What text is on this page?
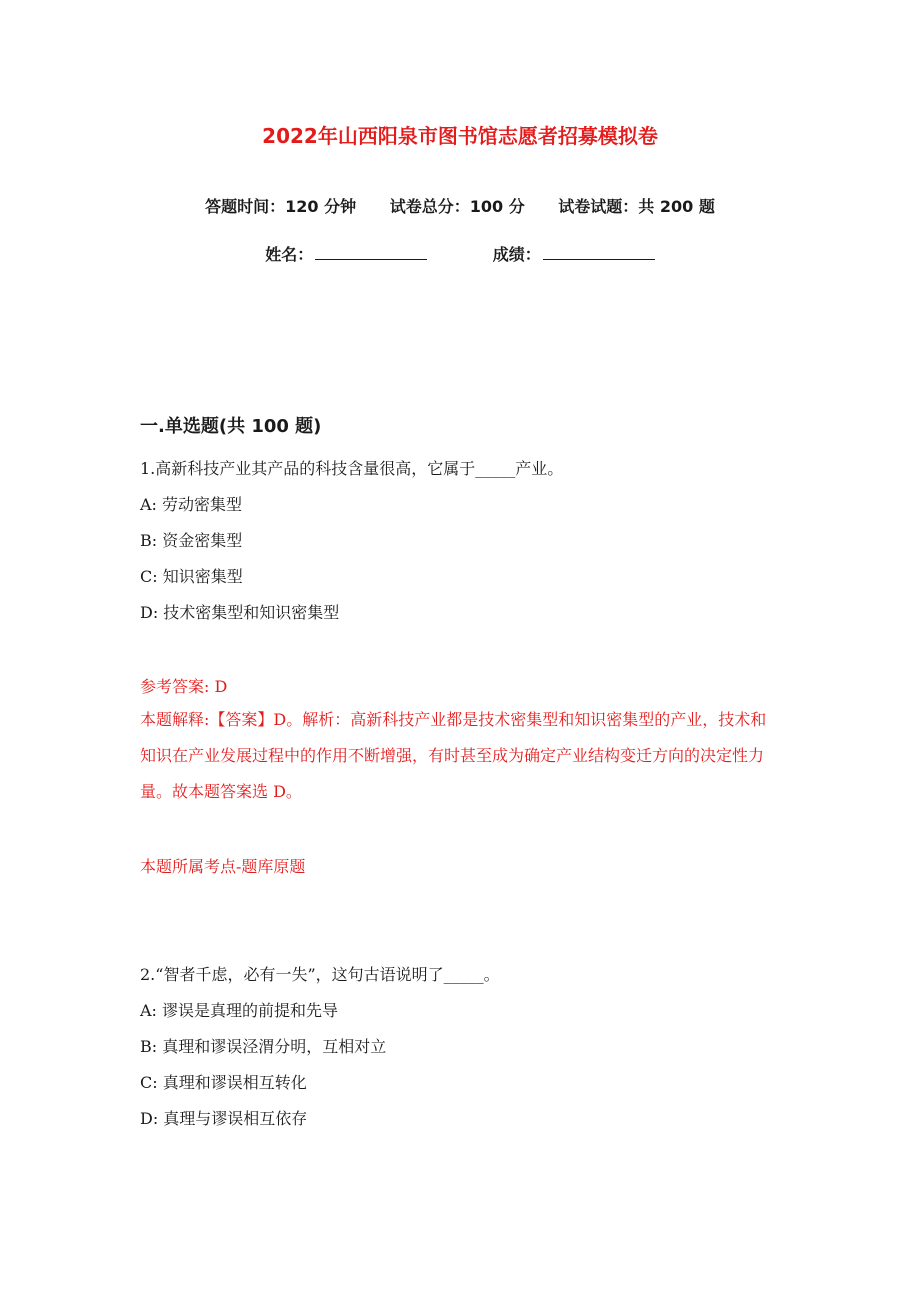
2022年山西阳泉市图书馆志愿者招募模拟卷
答题时间：120 分钟 试卷总分：100 分 试卷试题：共 200 题
姓名：	成绩：
一.单选题(共 100 题)
1.高新科技产业其产品的科技含量很高，它属于_____产业。
A: 劳动密集型
B: 资金密集型
C: 知识密集型
D: 技术密集型和知识密集型
参考答案: D
本题解释:【答案】D。解析：高新科技产业都是技术密集型和知识密集型的产业，技术和知识在产业发展过程中的作用不断增强，有时甚至成为确定产业结构变迁方向的决定性力量。故本题答案选 D。
本题所属考点-题库原题
2.“智者千虑，必有一失”，这句古语说明了_____。
A: 谬误是真理的前提和先导
B: 真理和谬误泾渭分明，互相对立
C: 真理和谬误相互转化
D: 真理与谬误相互依存
